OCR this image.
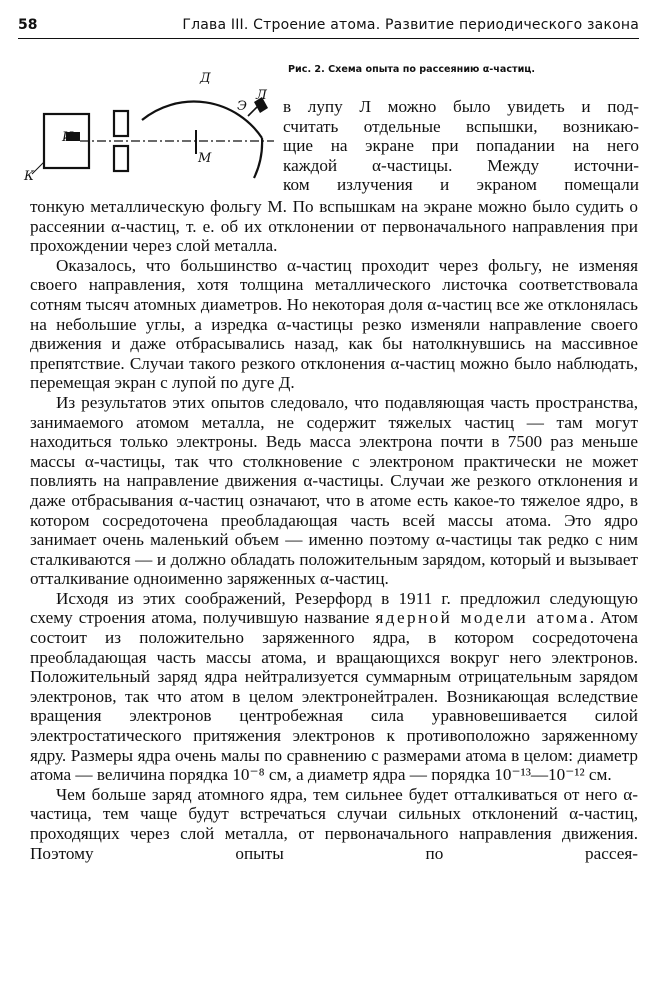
58	Глава III. Строение атома. Развитие периодического закона
Д
Э
Л
И
М
К
Рис. 2. Схема опыта по рассеянию α-частиц.

в лупу Л можно было увидеть и под-

считать отдельные вспышки, возникаю-

щие на экране при попадании на него

каждой α-частицы. Между источни-

ком излучения и экраном помещали

тонкую металлическую фольгу М. По вспышкам на экране можно было судить о рассеянии α-частиц, т. е. об их отклонении от первоначального направления при прохождении через слой металла.

Оказалось, что большинство α-частиц проходит через фольгу, не изменяя своего направления, хотя толщина металлического листочка соответствовала сотням тысяч атомных диаметров. Но некоторая доля α-частиц все же отклонялась на небольшие углы, а изредка α-частицы резко изменяли направление своего движения и даже отбрасывались назад, как бы натолкнувшись на массивное препятствие. Случаи такого резкого отклонения α-частиц можно было наблюдать, перемещая экран с лупой по дуге Д.

Из результатов этих опытов следовало, что подавляющая часть пространства, занимаемого атомом металла, не содержит тяжелых частиц — там могут находиться только электроны. Ведь масса электрона почти в 7500 раз меньше массы α-частицы, так что столкновение с электроном практически не может повлиять на направление движения α-частицы. Случаи же резкого отклонения и даже отбрасывания α-частиц означают, что в атоме есть какое-то тяжелое ядро, в котором сосредоточена преобладающая часть всей массы атома. Это ядро занимает очень маленький объем — именно поэтому α-частицы так редко с ним сталкиваются — и должно обладать положительным зарядом, который и вызывает отталкивание одноименно заряженных α-частиц.

Исходя из этих соображений, Резерфорд в 1911 г. предложил следующую схему строения атома, получившую название ядерной модели атома. Атом состоит из положительно заряженного ядра, в котором сосредоточена преобладающая часть массы атома, и вращающихся вокруг него электронов. Положительный заряд ядра нейтрализуется суммарным отрицательным зарядом электронов, так что атом в целом электронейтрален. Возникающая вследствие вращения электронов центробежная сила уравновешивается силой электростатического притяжения электронов к противоположно заряженному ядру. Размеры ядра очень малы по сравнению с размерами атома в целом: диаметр атома — величина порядка 10⁻⁸ см, а диаметр ядра — порядка 10⁻¹³—10⁻¹² см.

Чем больше заряд атомного ядра, тем сильнее будет отталкиваться от него α-частица, тем чаще будут встречаться случаи сильных отклонений α-частиц, проходящих через слой металла, от первоначального направления движения. Поэтому опыты по рассея-
